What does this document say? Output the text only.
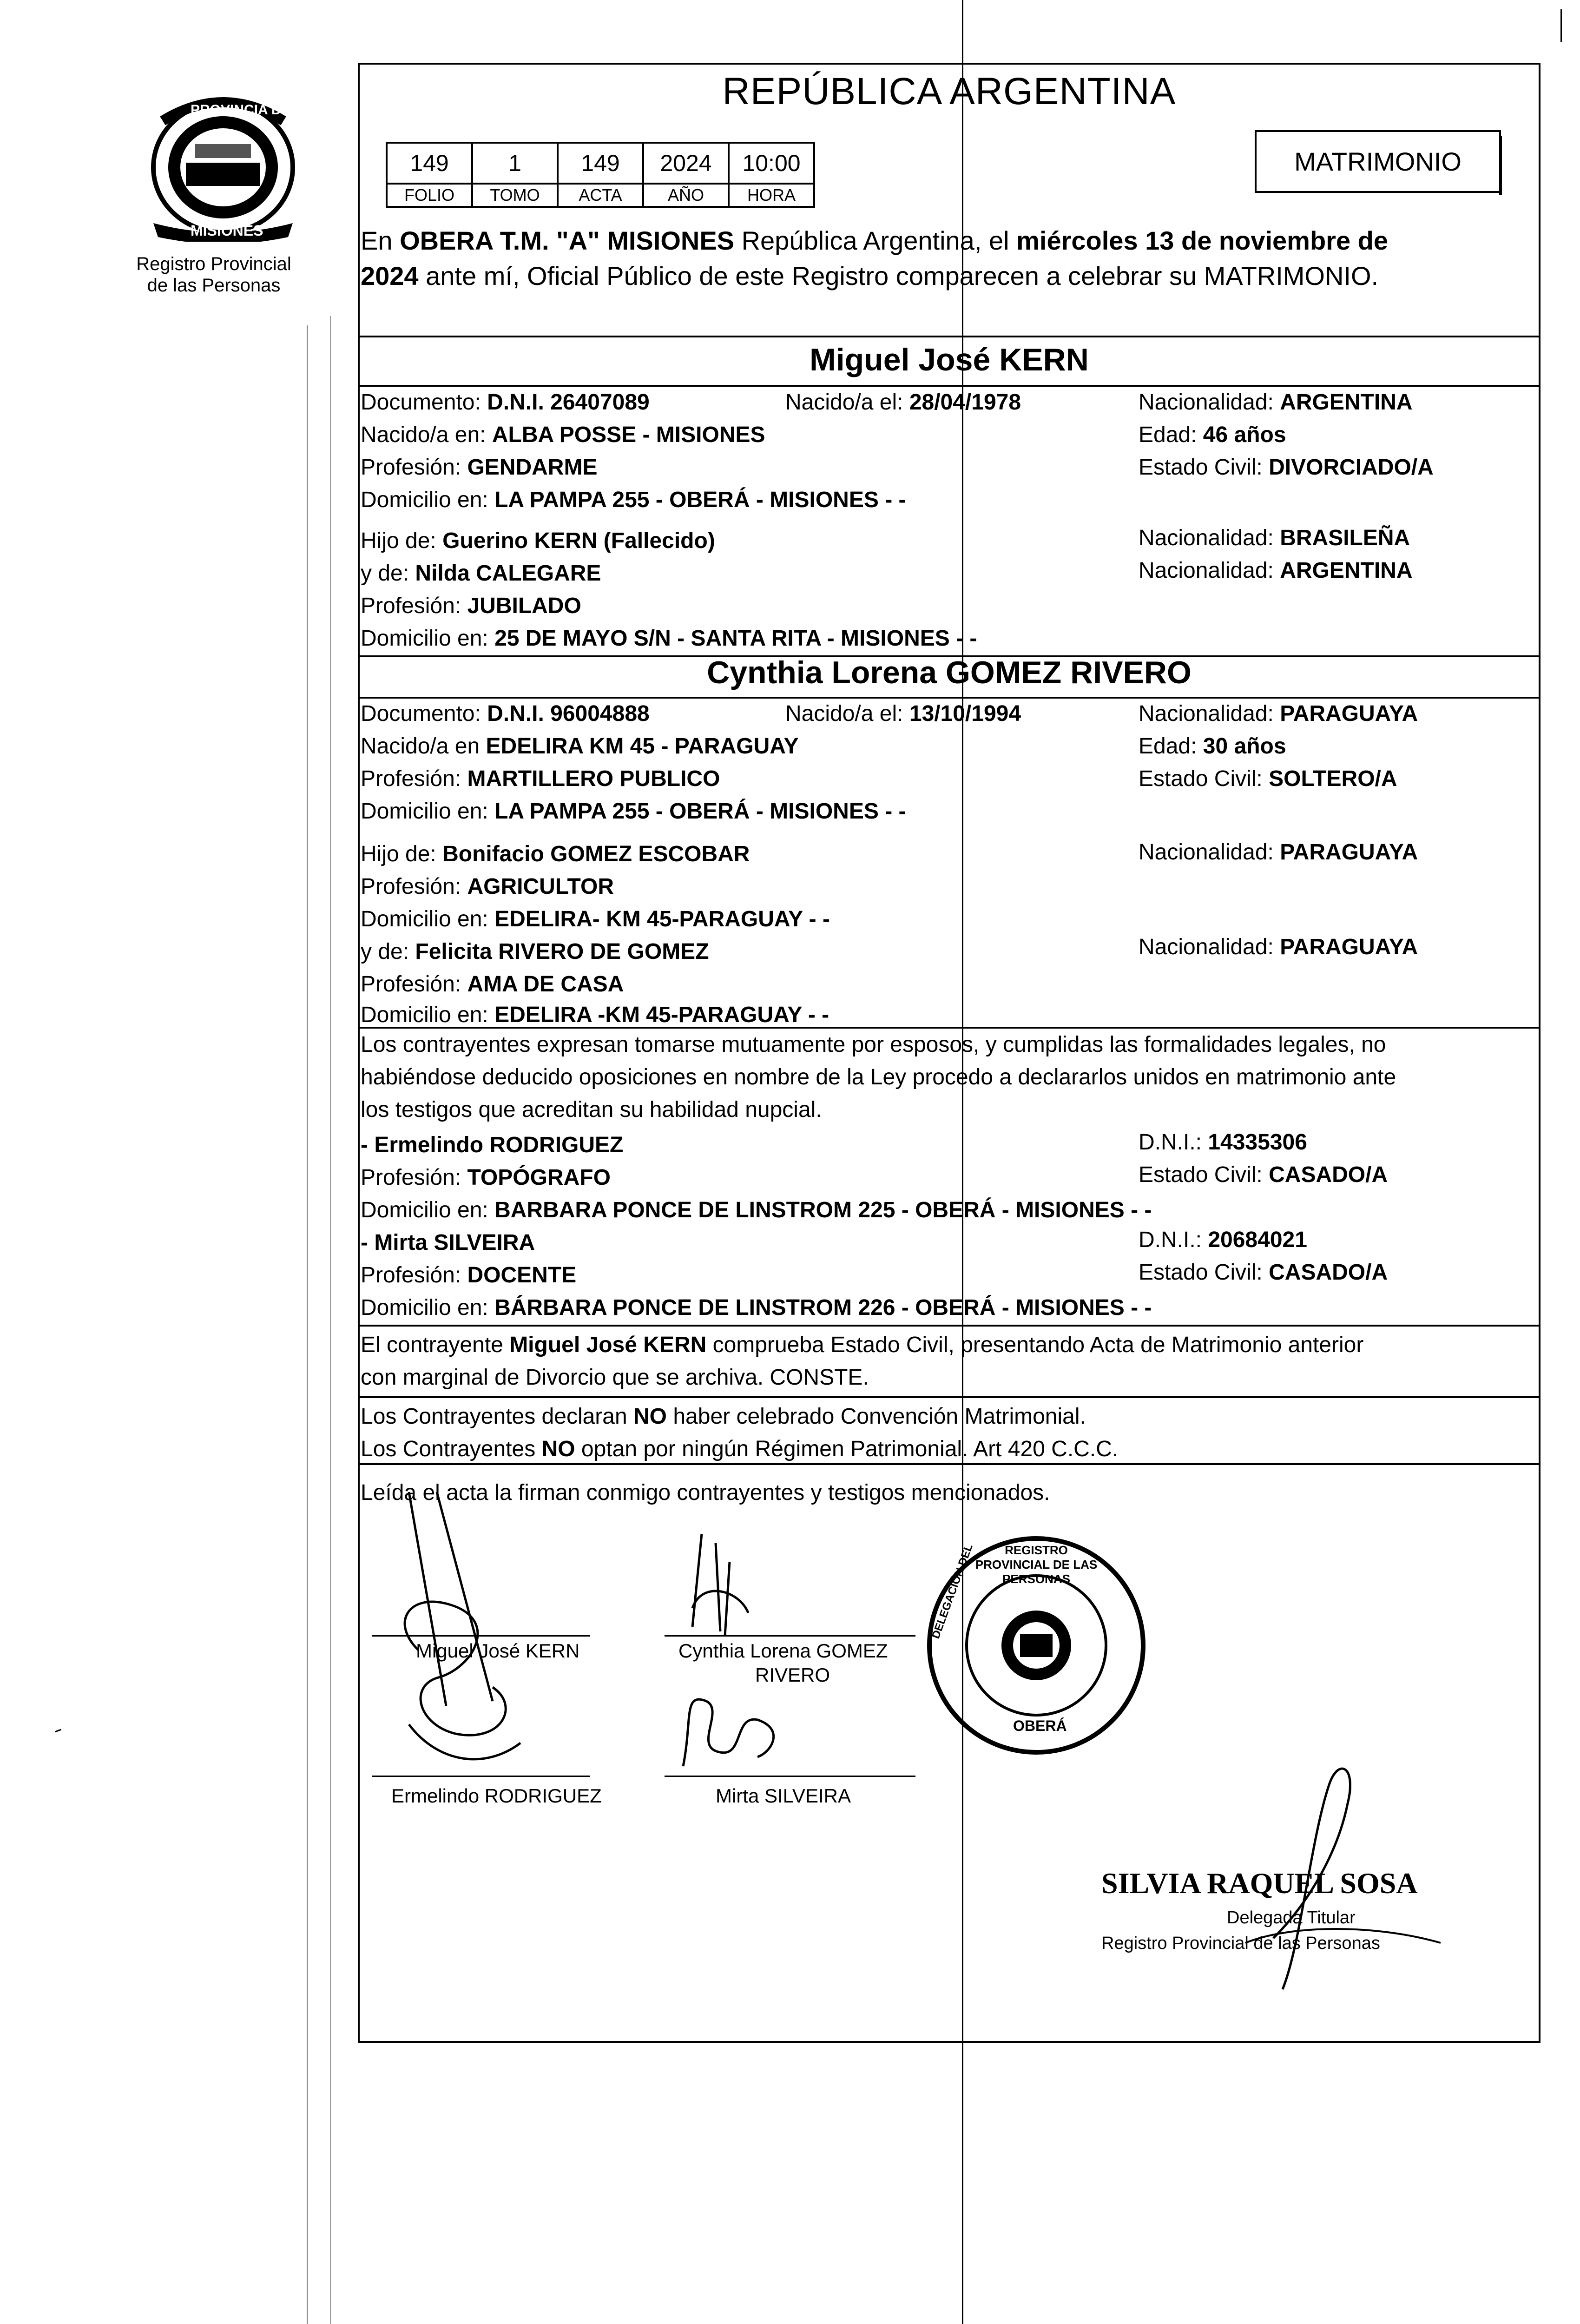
PROVINCIA DE
MISIONES
Registro Provincial
de las Personas
REPÚBLICA ARGENTINA
149	1	149	2024	10:00
FOLIO	TOMO	ACTA	AÑO	HORA
MATRIMONIO
En OBERA T.M. "A" MISIONES República Argentina, el miércoles 13 de noviembre de
2024 ante mí, Oficial Público de este Registro comparecen a celebrar su MATRIMONIO.
Miguel José KERN
Documento: D.N.I. 26407089	Nacido/a el: 28/04/1978	Nacionalidad: ARGENTINA
Nacido/a en: ALBA POSSE - MISIONES	Edad: 46 años
Profesión: GENDARME	Estado Civil: DIVORCIADO/A
Domicilio en: LA PAMPA 255 - OBERÁ - MISIONES - -
Hijo de: Guerino KERN (Fallecido)	Nacionalidad: BRASILEÑA
y de: Nilda CALEGARE	Nacionalidad: ARGENTINA
Profesión: JUBILADO
Domicilio en: 25 DE MAYO S/N - SANTA RITA - MISIONES - -
Cynthia Lorena GOMEZ RIVERO
Documento: D.N.I. 96004888	Nacido/a el: 13/10/1994	Nacionalidad: PARAGUAYA
Nacido/a en EDELIRA KM 45 - PARAGUAY	Edad: 30 años
Profesión: MARTILLERO PUBLICO	Estado Civil: SOLTERO/A
Domicilio en: LA PAMPA 255 - OBERÁ - MISIONES - -
Hijo de: Bonifacio GOMEZ ESCOBAR	Nacionalidad: PARAGUAYA
Profesión: AGRICULTOR
Domicilio en: EDELIRA- KM 45-PARAGUAY - -
y de: Felicita RIVERO DE GOMEZ	Nacionalidad: PARAGUAYA
Profesión: AMA DE CASA
Domicilio en: EDELIRA -KM 45-PARAGUAY - -
Los contrayentes expresan tomarse mutuamente por esposos, y cumplidas las formalidades legales, no
habiéndose deducido oposiciones en nombre de la Ley procedo a declararlos unidos en matrimonio ante
los testigos que acreditan su habilidad nupcial.
- Ermelindo RODRIGUEZ	D.N.I.: 14335306
Profesión: TOPÓGRAFO	Estado Civil: CASADO/A
Domicilio en: BARBARA PONCE DE LINSTROM 225 - OBERÁ - MISIONES - -
- Mirta SILVEIRA	D.N.I.: 20684021
Profesión: DOCENTE	Estado Civil: CASADO/A
Domicilio en: BÁRBARA PONCE DE LINSTROM 226 - OBERÁ - MISIONES - -
El contrayente Miguel José KERN comprueba Estado Civil, presentando Acta de Matrimonio anterior
con marginal de Divorcio que se archiva. CONSTE.
Los Contrayentes declaran NO haber celebrado Convención Matrimonial.
Los Contrayentes NO optan por ningún Régimen Patrimonial. Art 420 C.C.C.
Leída el acta la firman conmigo contrayentes y testigos mencionados.
Miguel José KERN	Cynthia Lorena GOMEZ
RIVERO
Ermelindo RODRIGUEZ	Mirta SILVEIRA
REGISTRO PROVINCIAL DE LAS PERSONAS
DELEGACIÓN DEL
OBERÁ
SILVIA RAQUEL SOSA
Delegada Titular
Registro Provincial de las Personas
